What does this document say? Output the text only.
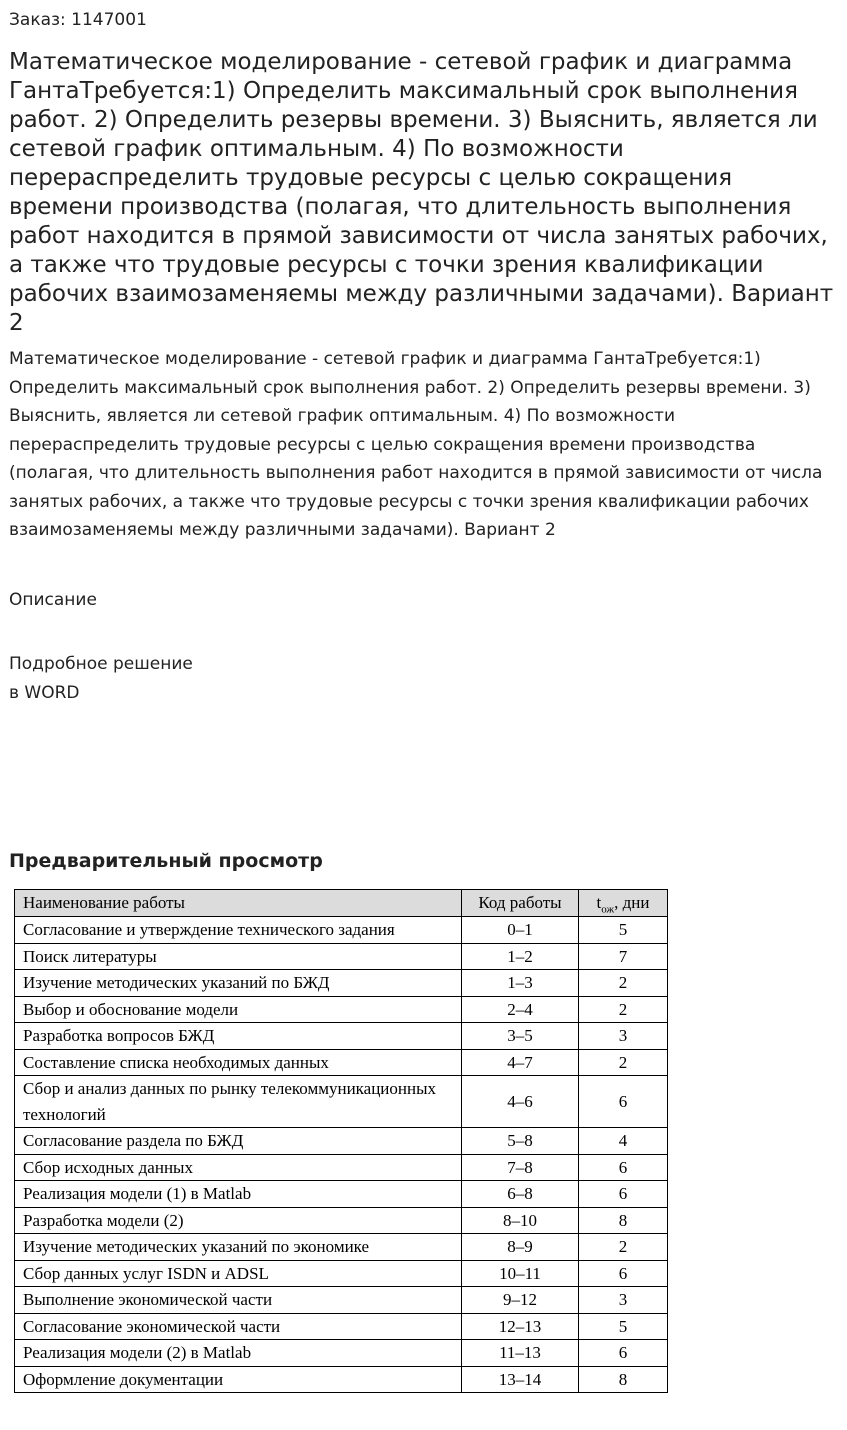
Заказ: 1147001
Математическое моделирование - сетевой график и диаграмма ГантаТребуется:1) Определить максимальный срок выполнения работ. 2) Определить резервы времени. 3) Выяснить, является ли сетевой график оптимальным. 4) По возможности перераспределить трудовые ресурсы с целью сокращения времени производства (полагая, что длительность выполнения работ находится в прямой зависимости от числа занятых рабочих, а также что трудовые ресурсы с точки зрения квалификации рабочих взаимозаменяемы между различными задачами). Вариант 2
Математическое моделирование - сетевой график и диаграмма ГантаТребуется:1) Определить максимальный срок выполнения работ. 2) Определить резервы времени. 3) Выяснить, является ли сетевой график оптимальным. 4) По возможности перераспределить трудовые ресурсы с целью сокращения времени производства (полагая, что длительность выполнения работ находится в прямой зависимости от числа занятых рабочих, а также что трудовые ресурсы с точки зрения квалификации рабочих взаимозаменяемы между различными задачами). Вариант 2
Описание
Подробное решение
в WORD
Предварительный просмотр
Наименование работы	Код работы	$t_{ож}$, дни
Согласование и утверждение технического задания	0–1	5
Поиск литературы	1–2	7
Изучение методических указаний по БЖД	1–3	2
Выбор и обоснование модели	2–4	2
Разработка вопросов БЖД	3–5	3
Составление списка необходимых данных	4–7	2
Сбор и анализ данных по рынку телекоммуникационных технологий	4–6	6
Согласование раздела по БЖД	5–8	4
Сбор исходных данных	7–8	6
Реализация модели (1) в Matlab	6–8	6
Разработка модели (2)	8–10	8
Изучение методических указаний по экономике	8–9	2
Сбор данных услуг ISDN и ADSL	10–11	6
Выполнение экономической части	9–12	3
Согласование экономической части	12–13	5
Реализация модели (2) в Matlab	11–13	6
Оформление документации	13–14	8
